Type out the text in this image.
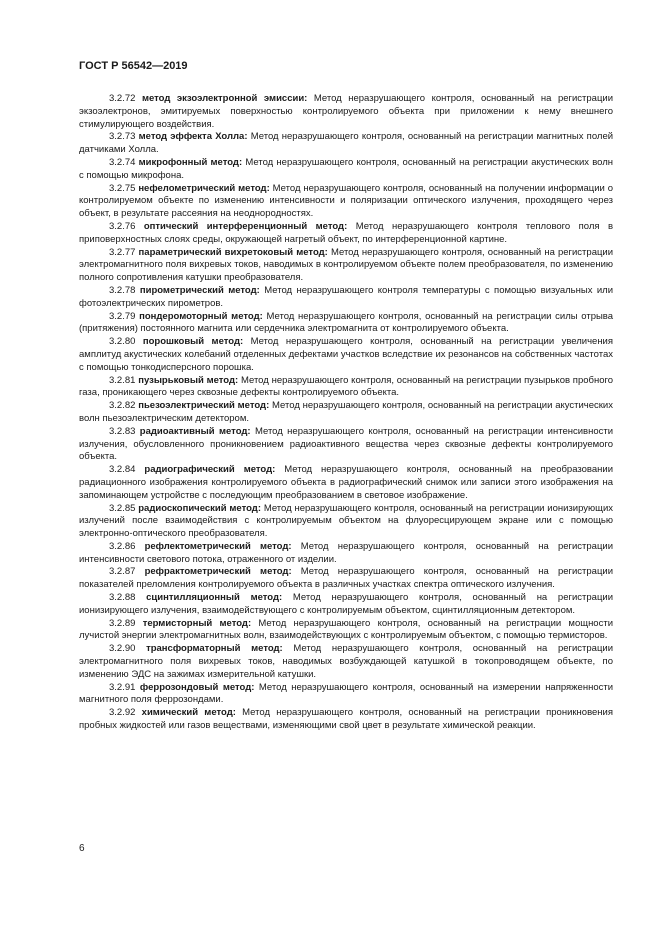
ГОСТ Р 56542—2019

3.2.72 метод экзоэлектронной эмиссии: Метод неразрушающего контроля, основанный на регистрации экзоэлектронов, эмитируемых поверхностью контролируемого объекта при приложении к нему внешнего стимулирующего воздействия.

3.2.73 метод эффекта Холла: Метод неразрушающего контроля, основанный на регистрации магнитных полей датчиками Холла.

3.2.74 микрофонный метод: Метод неразрушающего контроля, основанный на регистрации акустических волн с помощью микрофона.

3.2.75 нефелометрический метод: Метод неразрушающего контроля, основанный на получении информации о контролируемом объекте по изменению интенсивности и поляризации оптического излучения, проходящего через объект, в результате рассеяния на неоднородностях.

3.2.76 оптический интерференционный метод: Метод неразрушающего контроля теплового поля в приповерхностных слоях среды, окружающей нагретый объект, по интерференционной картине.

3.2.77 параметрический вихретоковый метод: Метод неразрушающего контроля, основанный на регистрации электромагнитного поля вихревых токов, наводимых в контролируемом объекте полем преобразователя, по изменению полного сопротивления катушки преобразователя.

3.2.78 пирометрический метод: Метод неразрушающего контроля температуры с помощью визуальных или фотоэлектрических пирометров.

3.2.79 пондеромоторный метод: Метод неразрушающего контроля, основанный на регистрации силы отрыва (притяжения) постоянного магнита или сердечника электромагнита от контролируемого объекта.

3.2.80 порошковый метод: Метод неразрушающего контроля, основанный на регистрации увеличения амплитуд акустических колебаний отделенных дефектами участков вследствие их резонансов на собственных частотах с помощью тонкодисперсного порошка.

3.2.81 пузырьковый метод: Метод неразрушающего контроля, основанный на регистрации пузырьков пробного газа, проникающего через сквозные дефекты контролируемого объекта.

3.2.82 пьезоэлектрический метод: Метод неразрушающего контроля, основанный на регистрации акустических волн пьезоэлектрическим детектором.

3.2.83 радиоактивный метод: Метод неразрушающего контроля, основанный на регистрации интенсивности излучения, обусловленного проникновением радиоактивного вещества через сквозные дефекты контролируемого объекта.

3.2.84 радиографический метод: Метод неразрушающего контроля, основанный на преобразовании радиационного изображения контролируемого объекта в радиографический снимок или записи этого изображения на запоминающем устройстве с последующим преобразованием в световое изображение.

3.2.85 радиоскопический метод: Метод неразрушающего контроля, основанный на регистрации ионизирующих излучений после взаимодействия с контролируемым объектом на флуоресцирующем экране или с помощью электронно-оптического преобразователя.

3.2.86 рефлектометрический метод: Метод неразрушающего контроля, основанный на регистрации интенсивности светового потока, отраженного от изделии.

3.2.87 рефрактометрический метод: Метод неразрушающего контроля, основанный на регистрации показателей преломления контролируемого объекта в различных участках спектра оптического излучения.

3.2.88 сцинтилляционный метод: Метод неразрушающего контроля, основанный на регистрации ионизирующего излучения, взаимодействующего с контролируемым объектом, сцинтилляционным детектором.

3.2.89 термисторный метод: Метод неразрушающего контроля, основанный на регистрации мощности лучистой энергии электромагнитных волн, взаимодействующих с контролируемым объектом, с помощью термисторов.

3.2.90 трансформаторный метод: Метод неразрушающего контроля, основанный на регистрации электромагнитного поля вихревых токов, наводимых возбуждающей катушкой в токопроводящем объекте, по изменению ЭДС на зажимах измерительной катушки.

3.2.91 феррозондовый метод: Метод неразрушающего контроля, основанный на измерении напряженности магнитного поля феррозондами.

3.2.92 химический метод: Метод неразрушающего контроля, основанный на регистрации проникновения пробных жидкостей или газов веществами, изменяющими свой цвет в результате химической реакции.

6
